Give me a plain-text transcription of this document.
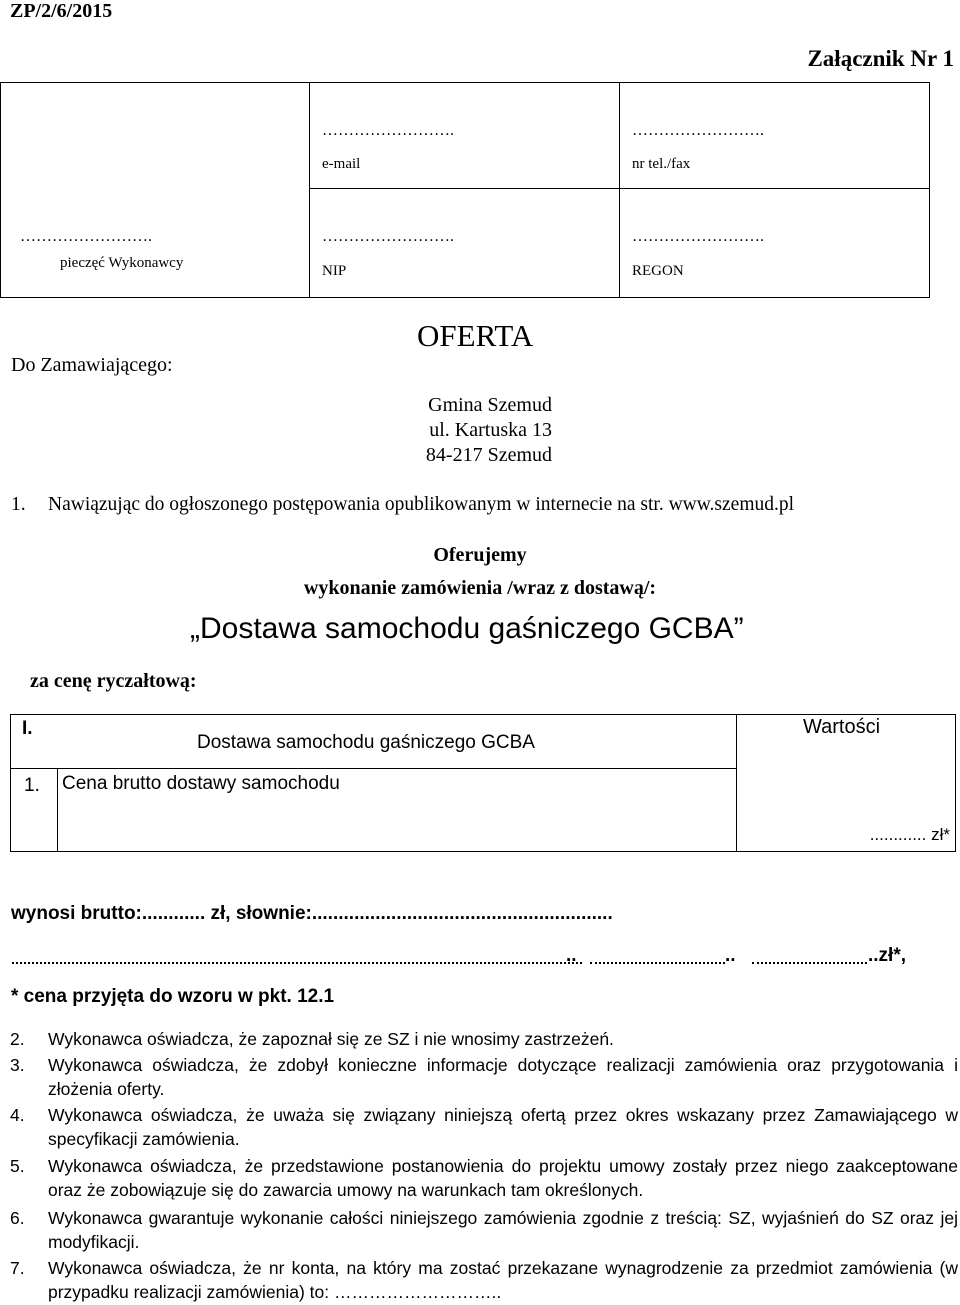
ZP/2/6/2015
Załącznik Nr 1
…………………….
e-mail
…………………….
nr tel./fax
…………………….
pieczęć Wykonawcy
…………………….
NIP
…………………….
REGON
Do Zamawiającego:
OFERTA
Gmina Szemud
ul. Kartuska 13
84-217 Szemud
1. Nawiązując do ogłoszonego postępowania opublikowanym w internecie na str. www.szemud.pl
Oferujemy
wykonanie zamówienia /wraz z dostawą/:
„Dostawa samochodu gaśniczego GCBA”
za cenę ryczałtową:
I.
Dostawa samochodu gaśniczego GCBA
Wartości
1. Cena brutto dostawy samochodu
............ zł*
wynosi brutto:............ zł, słownie:.........................................................
..	..	..zł*,
* cena przyjęta do wzoru w pkt. 12.1
2. Wykonawca oświadcza, że zapoznał się ze SZ i nie wnosimy zastrzeżeń.
3. Wykonawca oświadcza, że zdobył konieczne informacje dotyczące realizacji zamówienia oraz przygotowania i złożenia oferty.
4. Wykonawca oświadcza, że uważa się związany niniejszą ofertą przez okres wskazany przez Zamawiającego w specyfikacji zamówienia.
5. Wykonawca oświadcza, że przedstawione postanowienia do projektu umowy zostały przez niego zaakceptowane oraz że zobowiązuje się do zawarcia umowy na warunkach tam określonych.
6. Wykonawca gwarantuje wykonanie całości niniejszego zamówienia zgodnie z treścią: SZ, wyjaśnień do SZ oraz jej modyfikacji.
7. Wykonawca oświadcza, że nr konta, na który ma zostać przekazane wynagrodzenie za przedmiot zamówienia (w przypadku realizacji zamówienia) to: ………………………..
